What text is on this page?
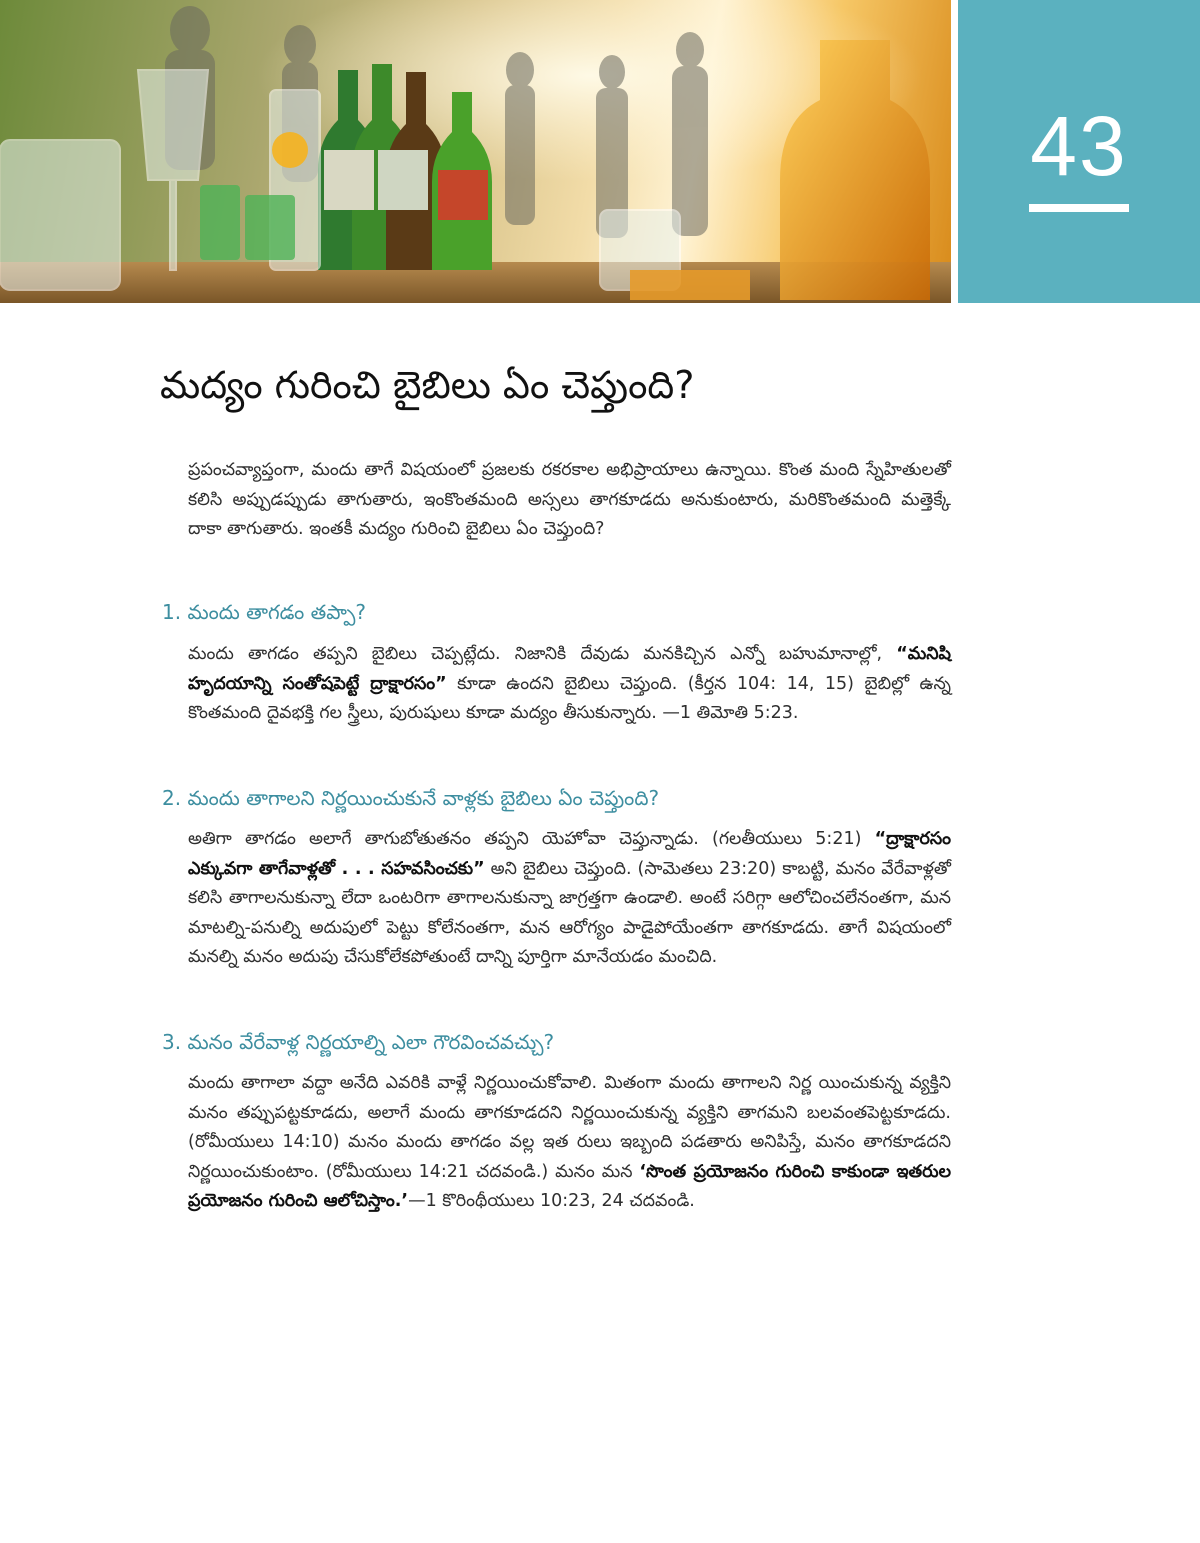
43
మద్యం గురించి బైబిలు ఏం చెప్తుంది?
ప్రపంచవ్యాప్తంగా, మందు తాగే విషయంలో ప్రజలకు రకరకాల అభిప్రాయాలు ఉన్నాయి. కొంత మంది స్నేహితులతో కలిసి అప్పుడప్పుడు తాగుతారు, ఇంకొంతమంది అస్సలు తాగకూడదు అనుకుంటారు, మరికొంతమంది మత్తెక్కే దాకా తాగుతారు. ఇంతకీ మద్యం గురించి బైబిలు ఏం చెప్తుంది?
1. మందు తాగడం తప్పా?
మందు తాగడం తప్పని బైబిలు చెప్పట్లేదు. నిజానికి దేవుడు మనకిచ్చిన ఎన్నో బహుమానాల్లో, “మనిషి హృదయాన్ని సంతోషపెట్టే ద్రాక్షారసం” కూడా ఉందని బైబిలు చెప్తుంది. (కీర్తన 104: 14, 15) బైబిల్లో ఉన్న కొంతమంది దైవభక్తి గల స్త్రీలు, పురుషులు కూడా మద్యం తీసుకున్నారు. —1 తిమోతి 5:23.
2. మందు తాగాలని నిర్ణయించుకునే వాళ్లకు బైబిలు ఏం చెప్తుంది?
అతిగా తాగడం అలాగే తాగుబోతుతనం తప్పని యెహోవా చెప్తున్నాడు. (గలతీయులు 5:21) “ద్రాక్షారసం ఎక్కువగా తాగేవాళ్లతో . . . సహవసించకు” అని బైబిలు చెప్తుంది. (సామెతలు 23:20) కాబట్టి, మనం వేరేవాళ్లతో కలిసి తాగాలనుకున్నా లేదా ఒంటరిగా తాగాలనుకున్నా జాగ్రత్తగా ఉండాలి. అంటే సరిగ్గా ఆలోచించలేనంతగా, మన మాటల్ని-పనుల్ని అదుపులో పెట్టు కోలేనంతగా, మన ఆరోగ్యం పాడైపోయేంతగా తాగకూడదు. తాగే విషయంలో మనల్ని మనం అదుపు చేసుకోలేకపోతుంటే దాన్ని పూర్తిగా మానేయడం మంచిది.
3. మనం వేరేవాళ్ల నిర్ణయాల్ని ఎలా గౌరవించవచ్చు?
మందు తాగాలా వద్దా అనేది ఎవరికి వాళ్లే నిర్ణయించుకోవాలి. మితంగా మందు తాగాలని నిర్ణ యించుకున్న వ్యక్తిని మనం తప్పుపట్టకూడదు, అలాగే మందు తాగకూడదని నిర్ణయించుకున్న వ్యక్తిని తాగమని బలవంతపెట్టకూడదు. (రోమీయులు 14:10) మనం మందు తాగడం వల్ల ఇత రులు ఇబ్బంది పడతారు అనిపిస్తే, మనం తాగకూడదని నిర్ణయించుకుంటాం. (రోమీయులు 14:21 చదవండి.) మనం మన ‘సొంత ప్రయోజనం గురించి కాకుండా ఇతరుల ప్రయోజనం గురించి ఆలోచిస్తాం.’—1 కొరింథీయులు 10:23, 24 చదవండి.
